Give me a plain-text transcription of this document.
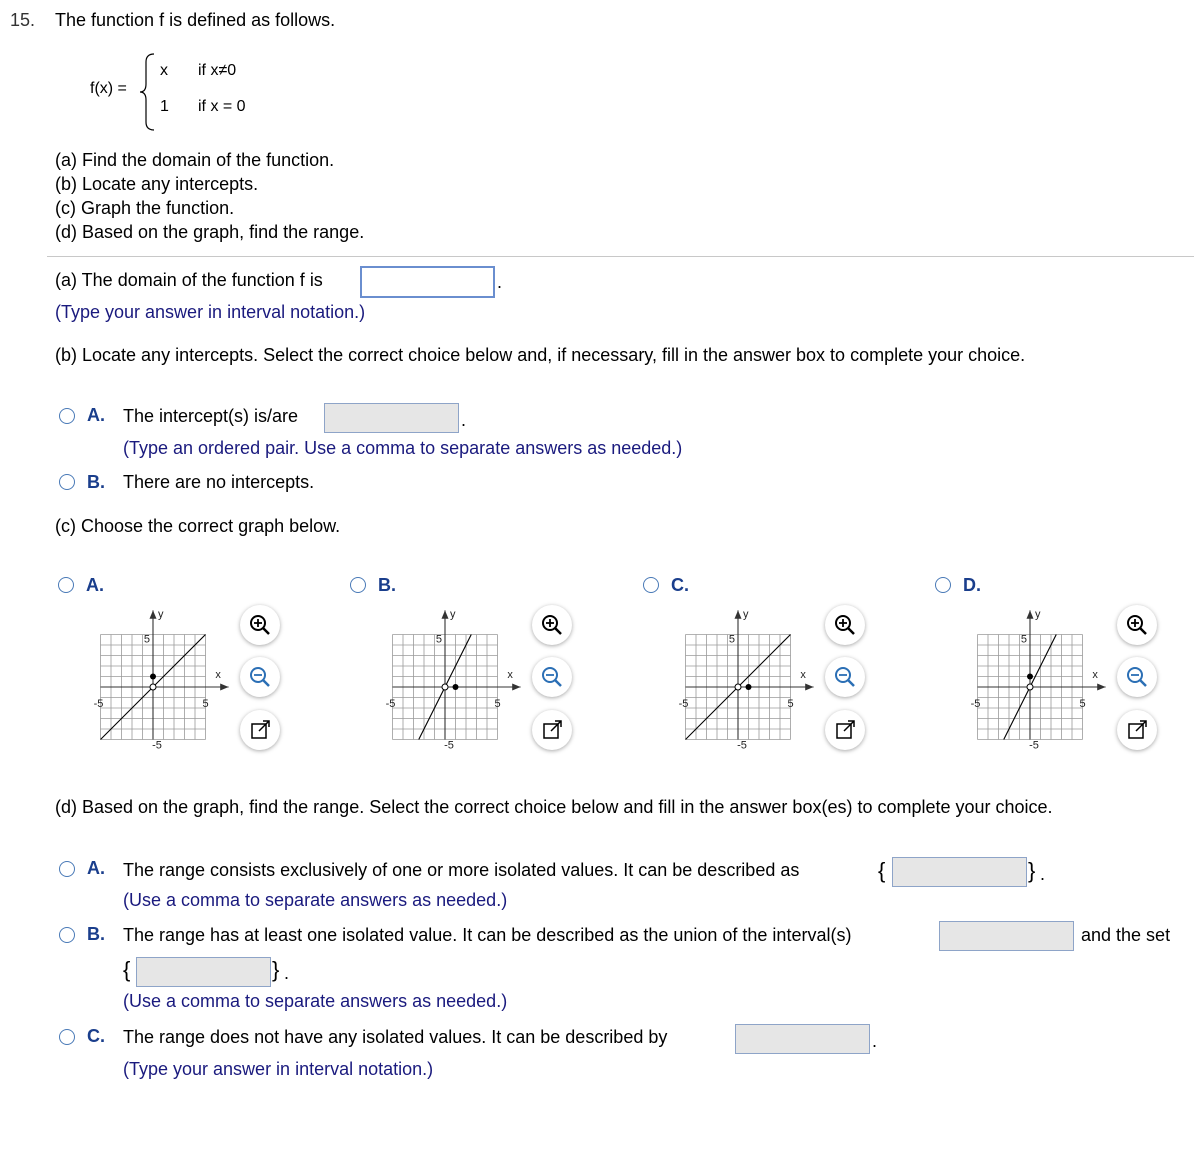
15. The function f is defined as follows.
f(x) =
x if x≠0
1 if x = 0
(a) Find the domain of the function.
(b) Locate any intercepts.
(c) Graph the function.
(d) Based on the graph, find the range.
(a) The domain of the function f is	.
(Type your answer in interval notation.)
(b) Locate any intercepts. Select the correct choice below and, if necessary, fill in the answer box to complete your choice.
A. The intercept(s) is/are	.
(Type an ordered pair. Use a comma to separate answers as needed.)
B. There are no intercepts.
(c) Choose the correct graph below.
A.
y
x
5
-5
-5	5
B.
y
x
5
-5
-5	5
C.
y
x
5
-5
-5	5
D.
y
x
5
-5
-5	5
(d) Based on the graph, find the range. Select the correct choice below and fill in the answer box(es) to complete your choice.
A. The range consists exclusively of one or more isolated values. It can be described as	{	} .
(Use a comma to separate answers as needed.)
B. The range has at least one isolated value. It can be described as the union of the interval(s)	and the set
{	} .
(Use a comma to separate answers as needed.)
C. The range does not have any isolated values. It can be described by	.
(Type your answer in interval notation.)
